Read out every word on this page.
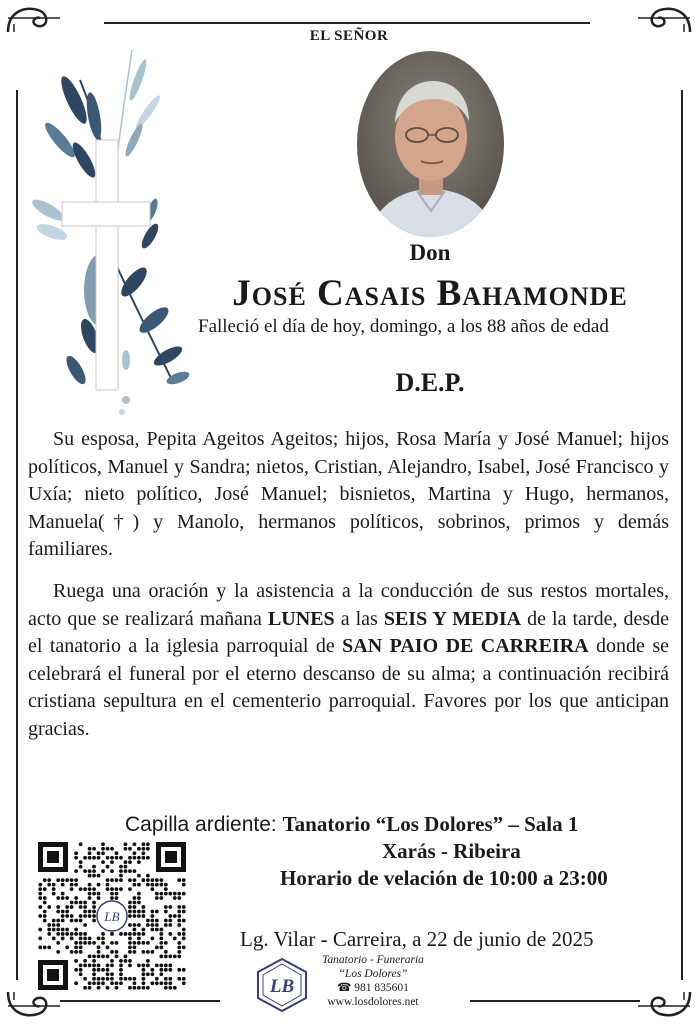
EL SEÑOR
Don
José Casais Bahamonde
Falleció el día de hoy, domingo, a los 88 años de edad
D.E.P.
Su esposa, Pepita Ageitos Ageitos; hijos, Rosa María y José Manuel; hijos políticos, Manuel y Sandra; nietos, Cristian, Alejandro, Isabel, José Francisco y Uxía; nieto político, José Manuel; bisnietos, Martina y Hugo, hermanos, Manuela(†) y Manolo, hermanos políticos, sobrinos, primos y demás familiares.
Ruega una oración y la asistencia a la conducción de sus restos mortales, acto que se realizará mañana LUNES a las SEIS Y MEDIA de la tarde, desde el tanatorio a la iglesia parroquial de SAN PAIO DE CARREIRA donde se celebrará el funeral por el eterno descanso de su alma; a continuación recibirá cristiana sepultura en el cementerio parroquial. Favores por los que anticipan gracias.
Capilla ardiente: Tanatorio “Los Dolores” – Sala 1
Xarás - Ribeira
Horario de velación de 10:00 a 23:00
Lg. Vilar - Carreira, a 22 de junio de 2025
LB
LB
Tanatorio - Funeraria
“Los Dolores”
☎ 981 835601
www.losdolores.net
